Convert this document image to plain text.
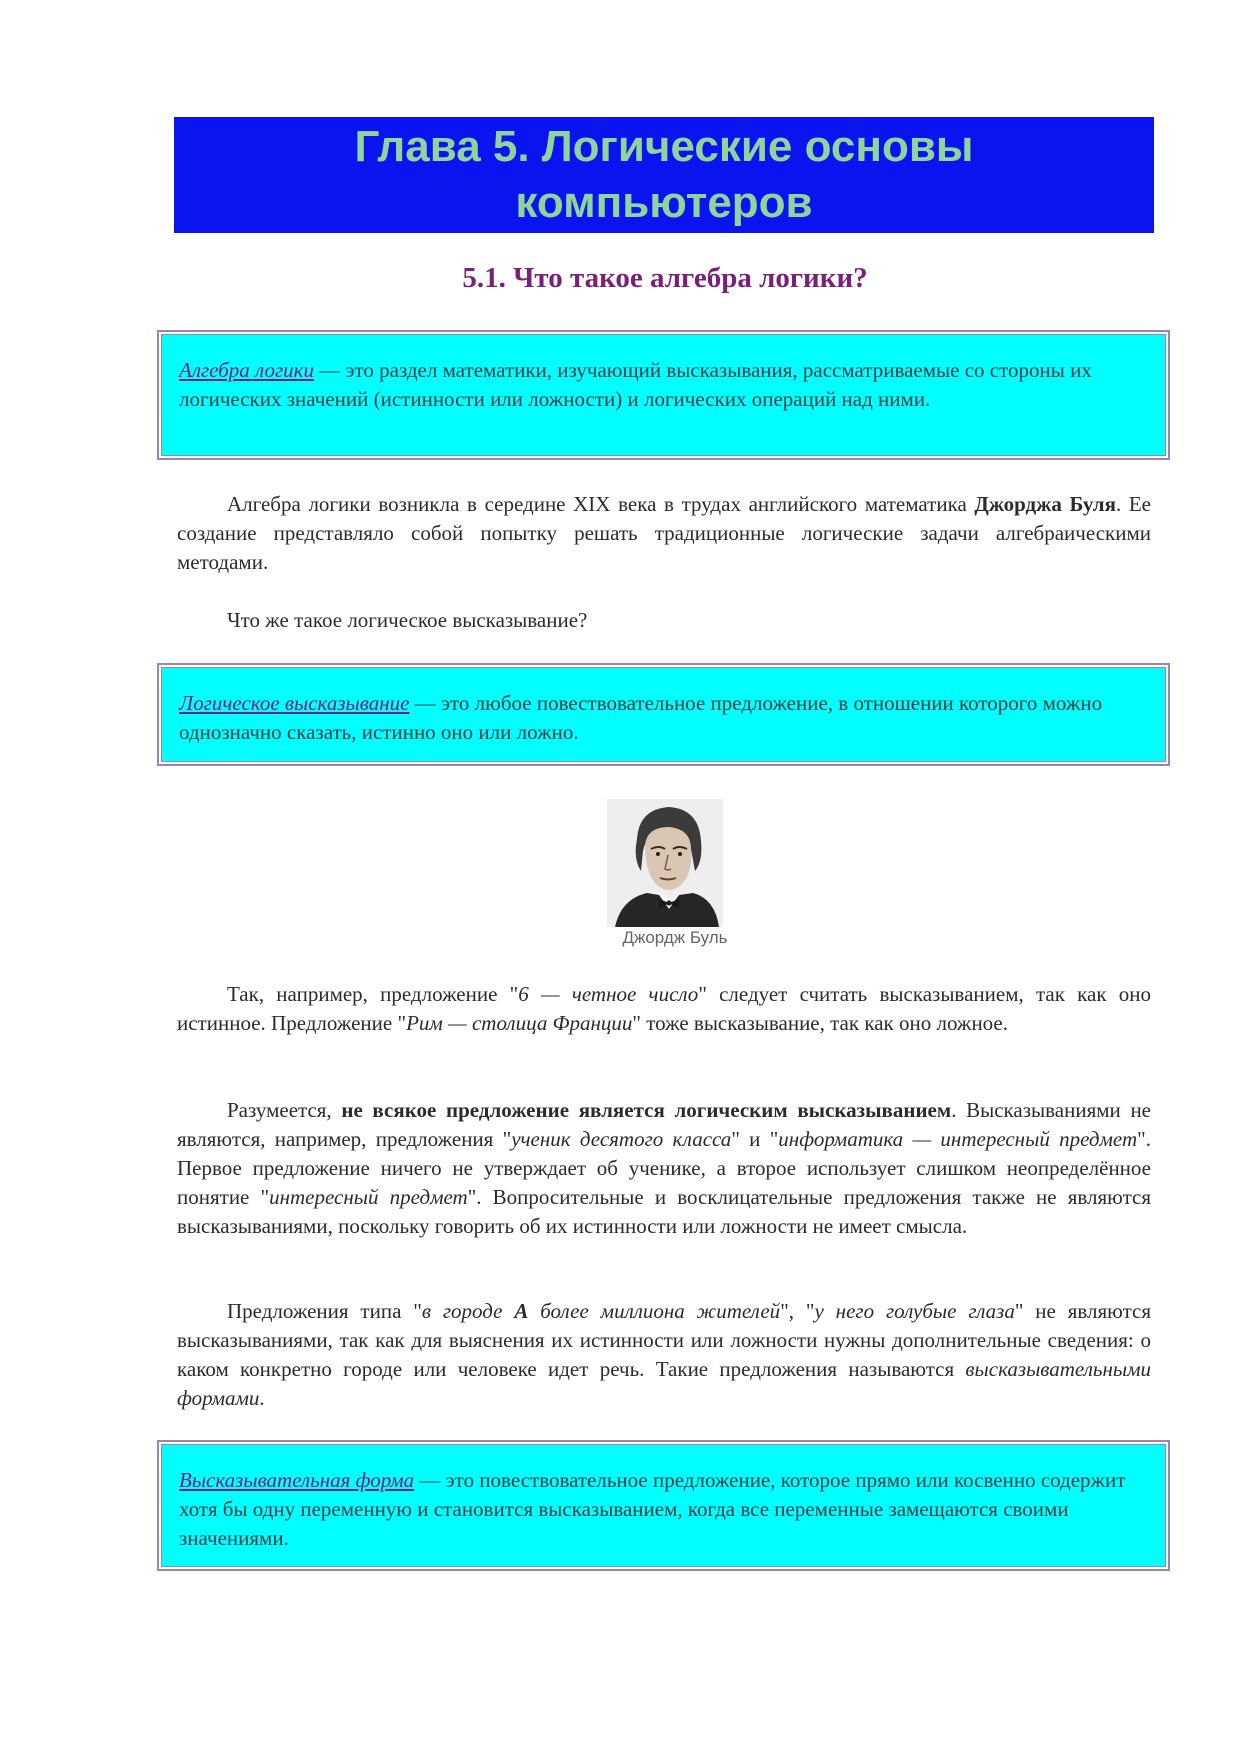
Глава 5. Логические основы компьютеров
5.1. Что такое алгебра логики?
Алгебра логики — это раздел математики, изучающий высказывания, рассматриваемые со стороны их логических значений (истинности или ложности) и логических операций над ними.
Алгебра логики возникла в середине XIX века в трудах английского математика Джорджа Буля. Ее создание представляло собой попытку решать традиционные логические задачи алгебраическими методами.
Что же такое логическое высказывание?
Логическое высказывание — это любое повествовательное предложение, в отношении которого можно однозначно сказать, истинно оно или ложно.
Джордж Буль
Так, например, предложение "6 — четное число" следует считать высказыванием, так как оно истинное. Предложение "Рим — столица Франции" тоже высказывание, так как оно ложное.
Разумеется, не всякое предложение является логическим высказыванием. Высказываниями не являются, например, предложения "ученик десятого класса" и "информатика — интересный предмет". Первое предложение ничего не утверждает об ученике, а второе использует слишком неопределённое понятие "интересный предмет". Вопросительные и восклицательные предложения также не являются высказываниями, поскольку говорить об их истинности или ложности не имеет смысла.
Предложения типа "в городе А более миллиона жителей", "у него голубые глаза" не являются высказываниями, так как для выяснения их истинности или ложности нужны дополнительные сведения: о каком конкретно городе или человеке идет речь. Такие предложения называются высказывательными формами.
Высказывательная форма — это повествовательное предложение, которое прямо или косвенно содержит хотя бы одну переменную и становится высказыванием, когда все переменные замещаются своими значениями.
